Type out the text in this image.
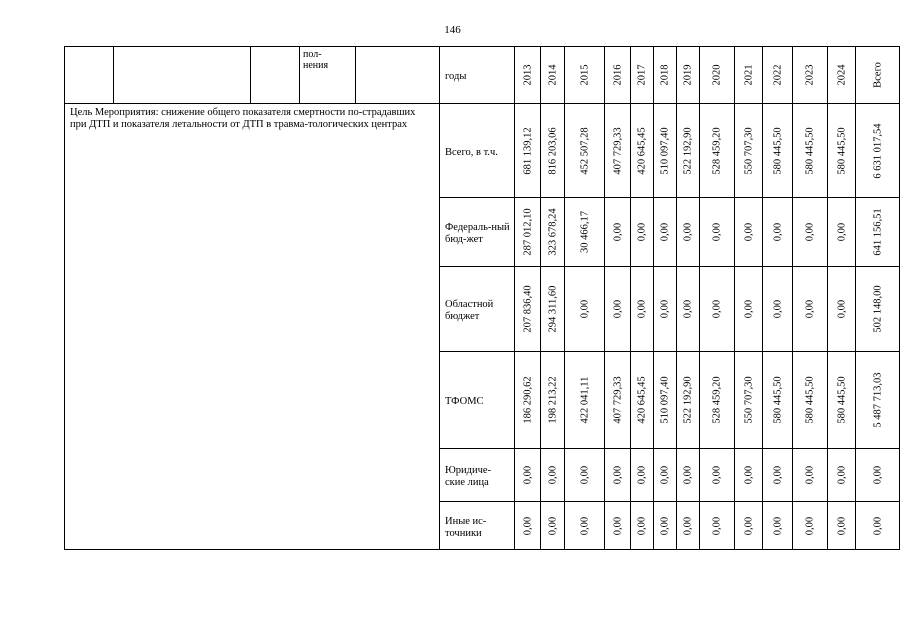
146
			пол-
нения		годы	2013	2014	2015	2016	2017	2018	2019	2020	2021	2022	2023	2024	Всего

Цель Мероприятия: снижение общего показателя смертности по-страдавших при ДТП и показателя летальности от ДТП в травма-тологических центрах					Всего, в т.ч.	681 139,12	816 203,06	452 507,28	407 729,33	420 645,45	510 097,40	522 192,90	528 459,20	550 707,30	580 445,50	580 445,50	580 445,50	6 631 017,54

					Федераль-ный бюд-жет	287 012,10	323 678,24	30 466,17	0,00	0,00	0,00	0,00	0,00	0,00	0,00	0,00	0,00	641 156,51

					Областной бюджет	207 836,40	294 311,60	0,00	0,00	0,00	0,00	0,00	0,00	0,00	0,00	0,00	0,00	502 148,00

					ТФОМС	186 290,62	198 213,22	422 041,11	407 729,33	420 645,45	510 097,40	522 192,90	528 459,20	550 707,30	580 445,50	580 445,50	580 445,50	5 487 713,03

					Юридиче-ские лица	0,00	0,00	0,00	0,00	0,00	0,00	0,00	0,00	0,00	0,00	0,00	0,00	0,00

					Иные ис-точники	0,00	0,00	0,00	0,00	0,00	0,00	0,00	0,00	0,00	0,00	0,00	0,00	0,00
